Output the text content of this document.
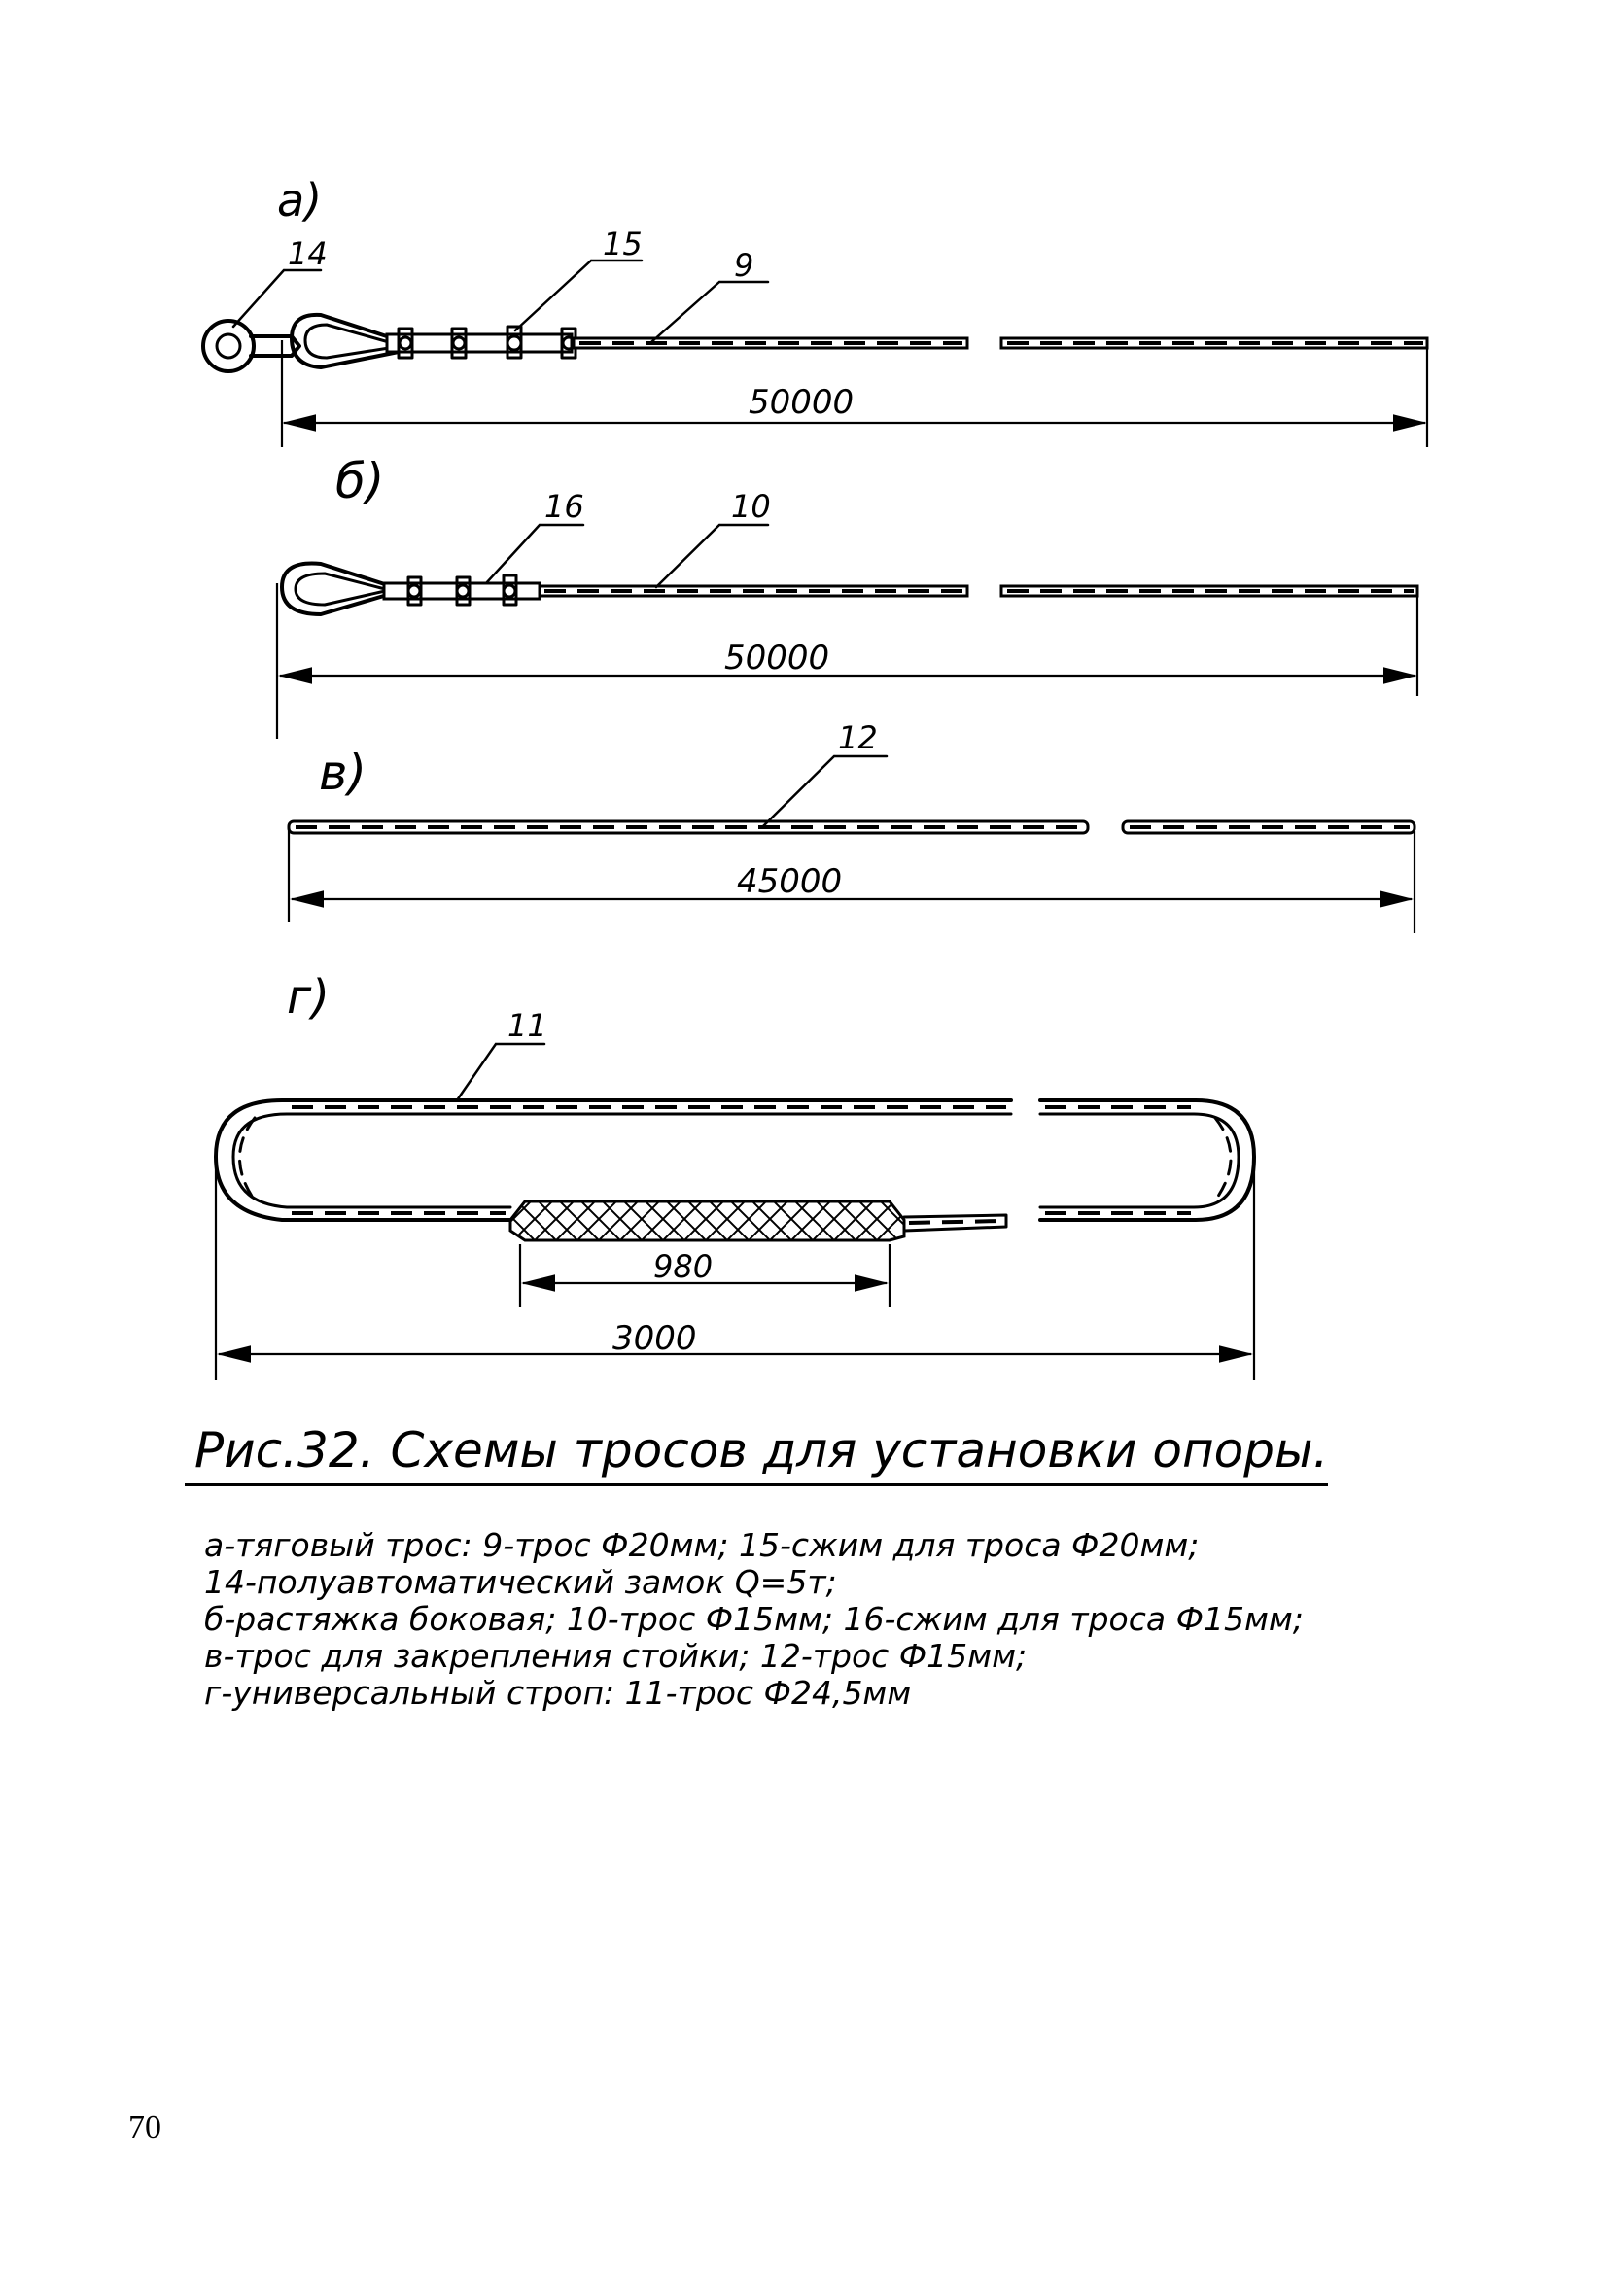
а)
14	15
9
50000
б)	16	10
50000
в)
12
45000
г)
11
980
3000
Рис.32. Схемы тросов для установки опоры.
а-тяговый трос: 9-трос Ф20мм; 15-сжим для троса Ф20мм;
14-полуавтоматический замок Q=5т;
б-растяжка боковая; 10-трос Ф15мм; 16-сжим для троса Ф15мм;
в-трос для закрепления стойки; 12-трос Ф15мм;
г-универсальный строп: 11-трос Ф24,5мм
70
